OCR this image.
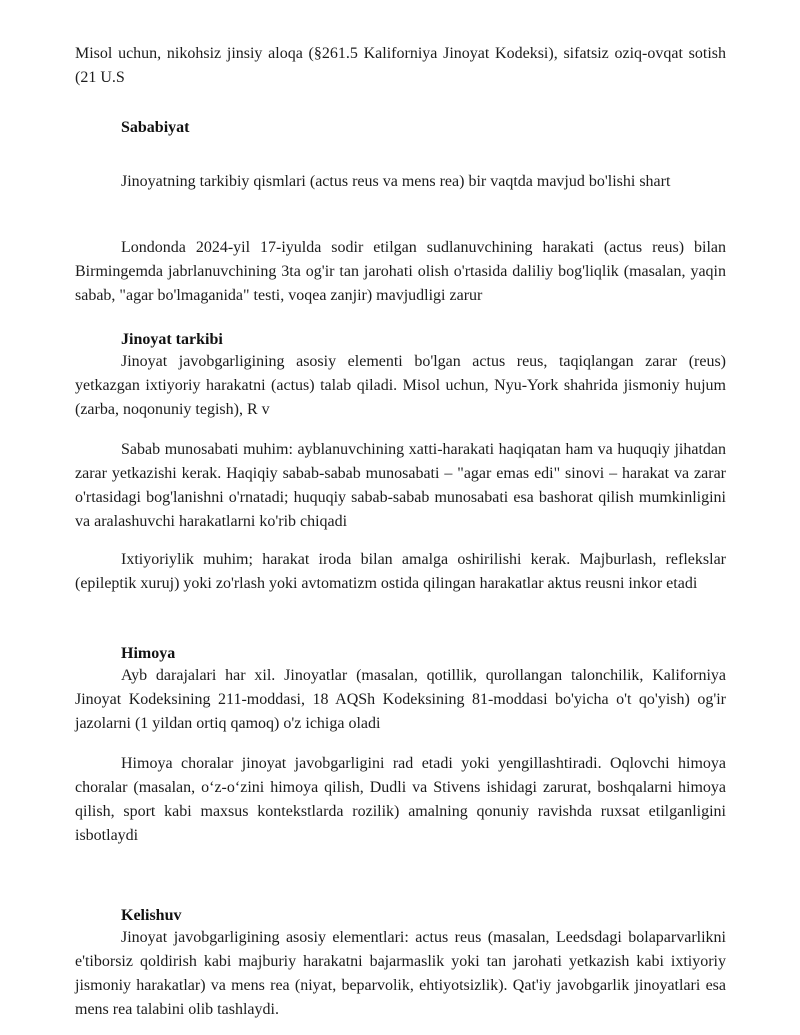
Misol uchun, nikohsiz jinsiy aloqa (§261.5 Kaliforniya Jinoyat Kodeksi), sifatsiz oziq-ovqat sotish (21 U.S

Sababiyat

Jinoyatning tarkibiy qismlari (actus reus va mens rea) bir vaqtda mavjud bo'lishi shart

Londonda 2024-yil 17-iyulda sodir etilgan sudlanuvchining harakati (actus reus) bilan Birmingemda jabrlanuvchining 3ta og'ir tan jarohati olish o'rtasida daliliy bog'liqlik (masalan, yaqin sabab, "agar bo'lmaganida" testi, voqea zanjir) mavjudligi zarur

Jinoyat tarkibi

Jinoyat javobgarligining asosiy elementi bo'lgan actus reus, taqiqlangan zarar (reus) yetkazgan ixtiyoriy harakatni (actus) talab qiladi. Misol uchun, Nyu-York shahrida jismoniy hujum (zarba, noqonuniy tegish), R v

Sabab munosabati muhim: ayblanuvchining xatti-harakati haqiqatan ham va huquqiy jihatdan zarar yetkazishi kerak. Haqiqiy sabab-sabab munosabati – "agar emas edi" sinovi – harakat va zarar o'rtasidagi bog'lanishni o'rnatadi; huquqiy sabab-sabab munosabati esa bashorat qilish mumkinligini va aralashuvchi harakatlarni ko'rib chiqadi

Ixtiyoriylik muhim; harakat iroda bilan amalga oshirilishi kerak. Majburlash, reflekslar (epileptik xuruj) yoki zo'rlash yoki avtomatizm ostida qilingan harakatlar aktus reusni inkor etadi

Himoya

Ayb darajalari har xil. Jinoyatlar (masalan, qotillik, qurollangan talonchilik, Kaliforniya Jinoyat Kodeksining 211-moddasi, 18 AQSh Kodeksining 81-moddasi bo'yicha o't qo'yish) og'ir jazolarni (1 yildan ortiq qamoq) o'z ichiga oladi

Himoya choralar jinoyat javobgarligini rad etadi yoki yengillashtiradi. Oqlovchi himoya choralar (masalan, o‘z-o‘zini himoya qilish, Dudli va Stivens ishidagi zarurat, boshqalarni himoya qilish, sport kabi maxsus kontekstlarda rozilik) amalning qonuniy ravishda ruxsat etilganligini isbotlaydi

Kelishuv

Jinoyat javobgarligining asosiy elementlari: actus reus (masalan, Leedsdagi bolaparvarlikni e'tiborsiz qoldirish kabi majburiy harakatni bajarmaslik yoki tan jarohati yetkazish kabi ixtiyoriy jismoniy harakatlar) va mens rea (niyat, beparvolik, ehtiyotsizlik). Qat'iy javobgarlik jinoyatlari esa mens rea talabini olib tashlaydi.
